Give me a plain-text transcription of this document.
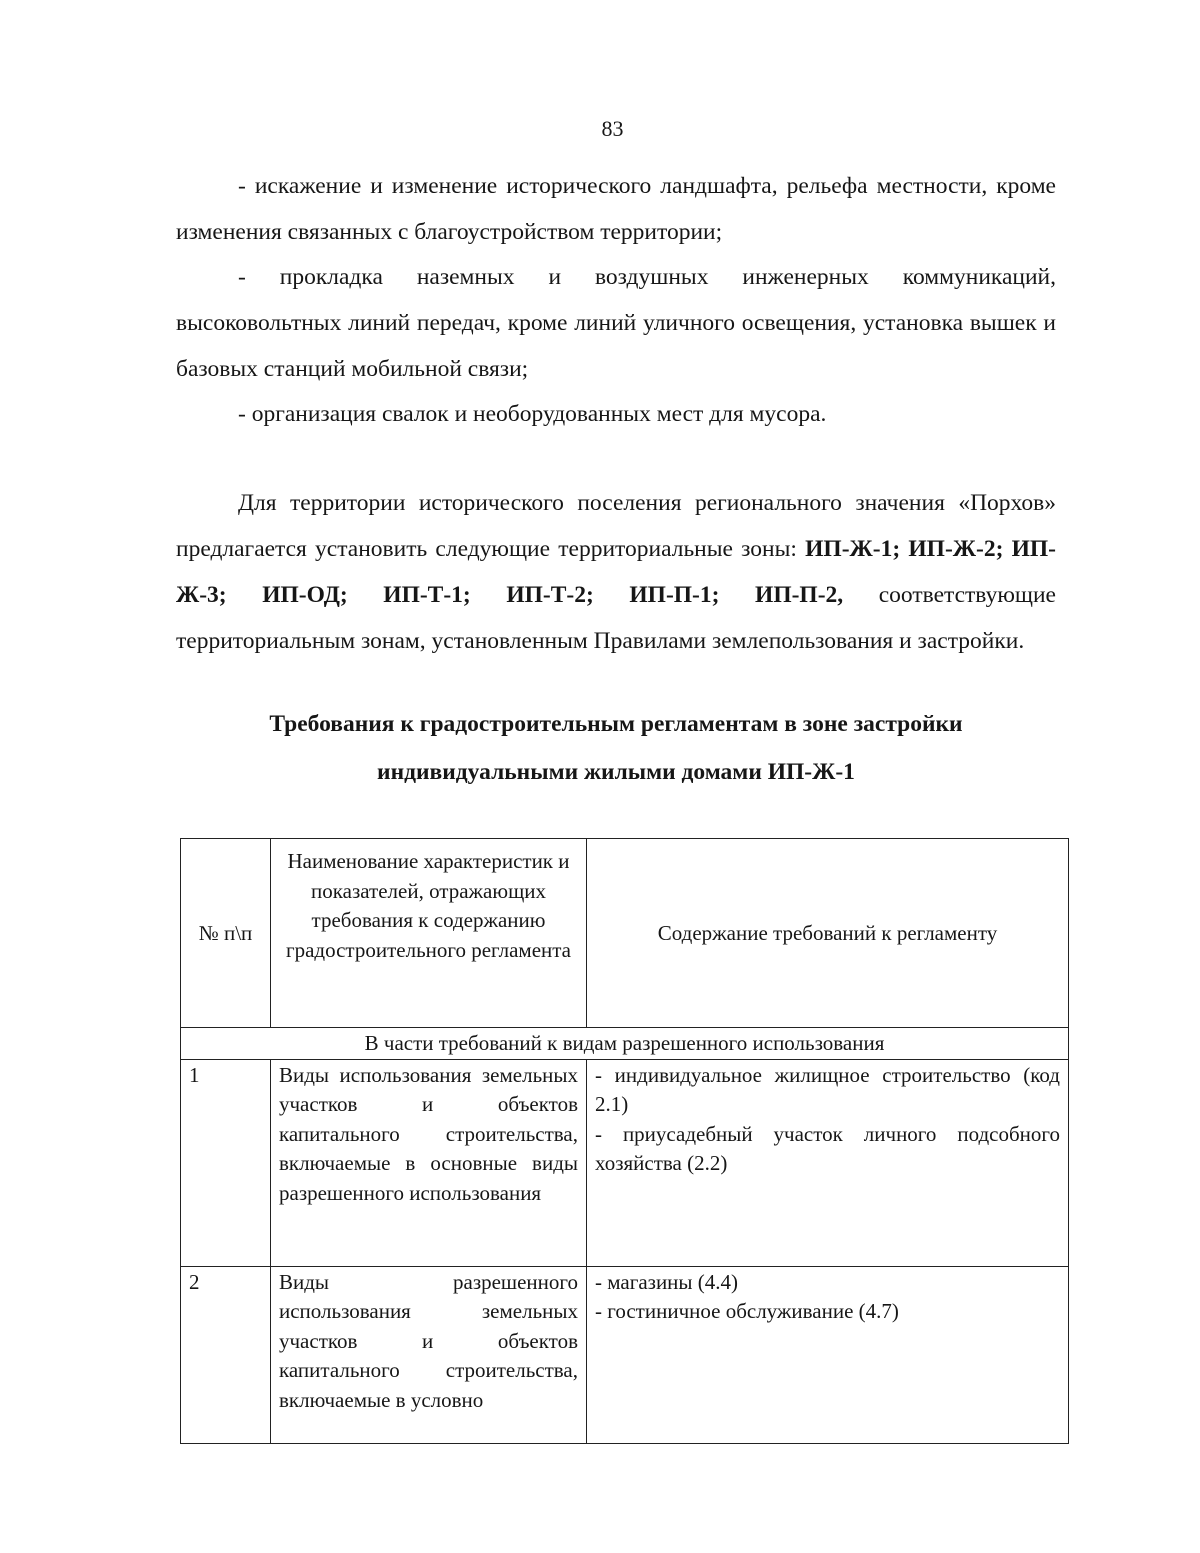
83

- искажение и изменение исторического ландшафта, рельефа местности, кроме изменения связанных с благоустройством территории;

- прокладка наземных и воздушных инженерных коммуникаций, высоковольтных линий передач, кроме линий уличного освещения, установка вышек и базовых станций мобильной связи;

- организация свалок и необорудованных мест для мусора.

Для территории исторического поселения регионального значения «Порхов» предлагается установить следующие территориальные зоны: ИП-Ж-1; ИП-Ж-2; ИП-Ж-3; ИП-ОД; ИП-Т-1; ИП-Т-2; ИП-П-1; ИП-П-2, соответствующие территориальным зонам, установленным Правилами землепользования и застройки.

Требования к градостроительным регламентам в зоне застройки индивидуальными жилыми домами ИП-Ж-1
№ п\п	Наименование характеристик и показателей, отражающих требования к содержанию градостроительного регламента	Содержание требований к регламенту
В части требований к видам разрешенного использования		
1	Виды использования земельных участков и объектов капитального строительства, включаемые в основные виды разрешенного использования	- индивидуальное жилищное строительство (код 2.1)
- приусадебный участок личного подсобного хозяйства (2.2)

2	Виды разрешенного использования земельных участков и объектов капитального строительства, включаемые в условно	- магазины (4.4)
- гостиничное обслуживание (4.7)
